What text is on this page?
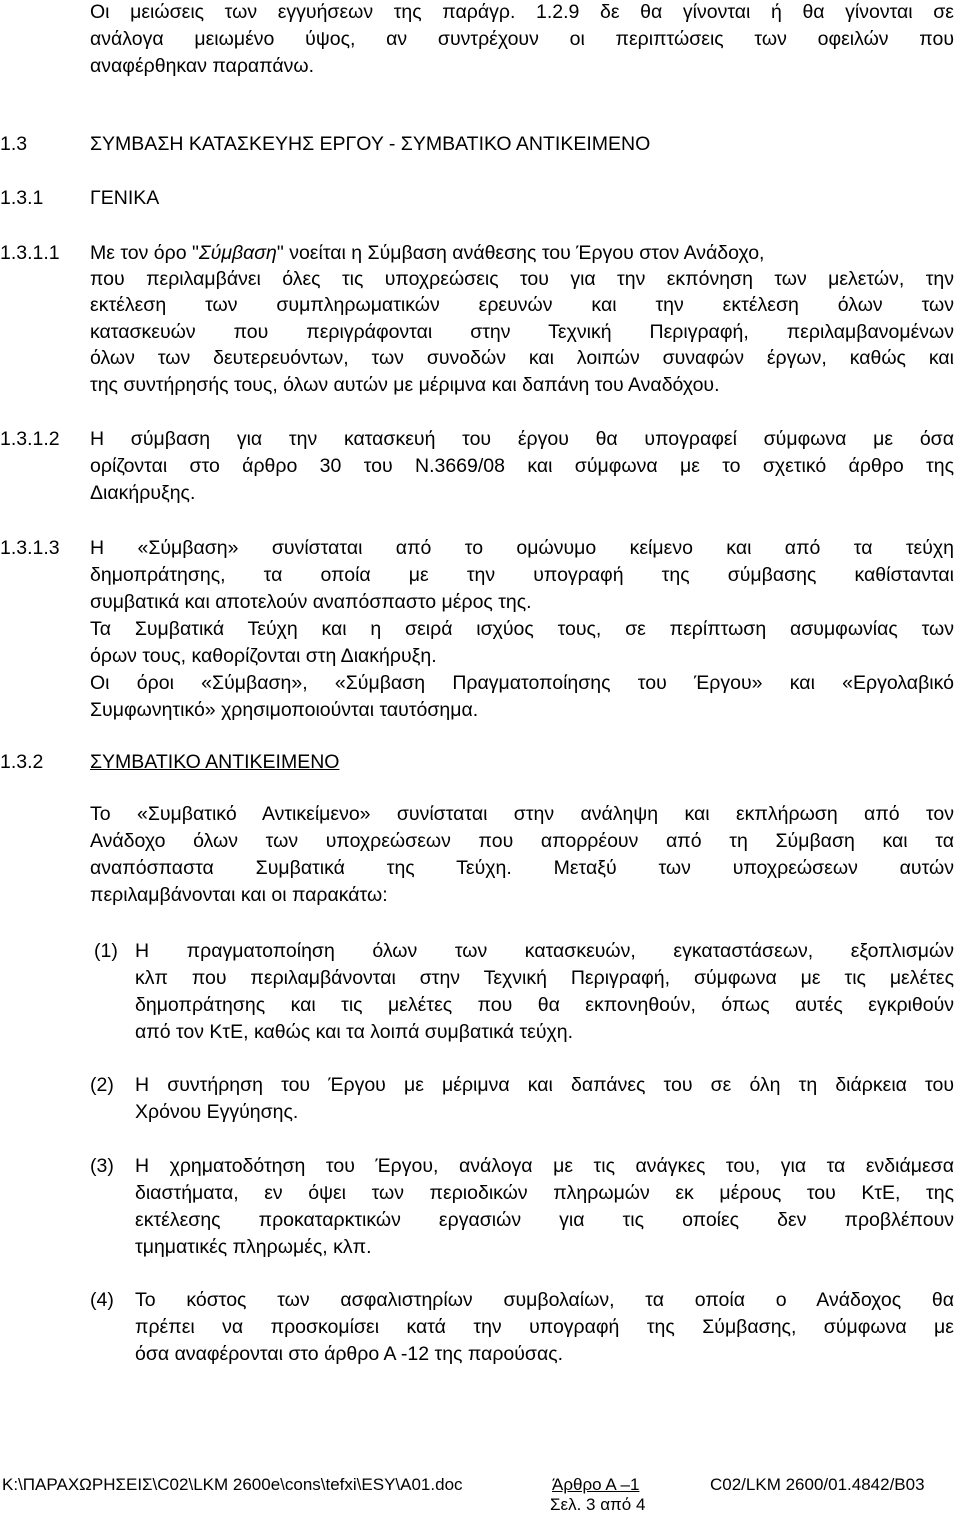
Οι μειώσεις των εγγυήσεων της παράγρ. 1.2.9 δε θα γίνονται ή θα γίνονται σε
ανάλογα μειωμένο ύψος, αν συντρέχουν οι περιπτώσεις των οφειλών που
αναφέρθηκαν παραπάνω.
1.3	ΣΥΜΒΑΣΗ ΚΑΤΑΣΚΕΥΗΣ ΕΡΓΟΥ - ΣΥΜΒΑΤΙΚΟ ΑΝΤΙΚΕΙΜΕΝΟ
1.3.1 ΓΕΝΙΚΑ
1.3.1.1 Με τον όρο "Σύμβαση" νοείται η Σύμβαση ανάθεσης του Έργου στον Ανάδοχο,
που περιλαμβάνει όλες τις υποχρεώσεις του για την εκπόνηση των μελετών, την
εκτέλεση των συμπληρωματικών ερευνών και την εκτέλεση όλων των
κατασκευών που περιγράφονται στην Τεχνική Περιγραφή, περιλαμβανομένων
όλων των δευτερευόντων, των συνοδών και λοιπών συναφών έργων, καθώς και
της συντήρησής τους, όλων αυτών με μέριμνα και δαπάνη του Αναδόχου.
1.3.1.2 Η σύμβαση για την κατασκευή του έργου θα υπογραφεί σύμφωνα με όσα
ορίζονται στο άρθρο 30 του Ν.3669/08 και σύμφωνα με το σχετικό άρθρο της
Διακήρυξης.
1.3.1.3 Η «Σύμβαση» συνίσταται από το ομώνυμο κείμενο και από τα τεύχη
δημοπράτησης, τα οποία με την υπογραφή της σύμβασης καθίστανται
συμβατικά και αποτελούν αναπόσπαστο μέρος της.
Τα Συμβατικά Τεύχη και η σειρά ισχύος τους, σε περίπτωση ασυμφωνίας των
όρων τους, καθορίζονται στη Διακήρυξη.
Οι όροι «Σύμβαση», «Σύμβαση Πραγματοποίησης του Έργου» και «Εργολαβικό
Συμφωνητικό» χρησιμοποιούνται ταυτόσημα.
1.3.2 ΣΥΜΒΑΤΙΚΟ ΑΝΤΙΚΕΙΜΕΝΟ
Το «Συμβατικό Αντικείμενο» συνίσταται στην ανάληψη και εκπλήρωση από τον
Ανάδοχο όλων των υποχρεώσεων που απορρέουν από τη Σύμβαση και τα
αναπόσπαστα Συμβατικά της Τεύχη. Μεταξύ των υποχρεώσεων αυτών
περιλαμβάνονται και οι παρακάτω:
(1) Η πραγματοποίηση όλων των κατασκευών, εγκαταστάσεων, εξοπλισμών
κλπ που περιλαμβάνονται στην Τεχνική Περιγραφή, σύμφωνα με τις μελέτες
δημοπράτησης και τις μελέτες που θα εκπονηθούν, όπως αυτές εγκριθούν
από τον ΚτΕ, καθώς και τα λοιπά συμβατικά τεύχη.
(2) Η συντήρηση του Έργου με μέριμνα και δαπάνες του σε όλη τη διάρκεια του
Χρόνου Εγγύησης.
(3) Η χρηματοδότηση του Έργου, ανάλογα με τις ανάγκες του, για τα ενδιάμεσα
διαστήματα, εν όψει των περιοδικών πληρωμών εκ μέρους του ΚτΕ, της
εκτέλεσης προκαταρκτικών εργασιών για τις οποίες δεν προβλέπουν
τμηματικές πληρωμές, κλπ.
(4) Το κόστος των ασφαλιστηρίων συμβολαίων, τα οποία ο Ανάδοχος θα
πρέπει να προσκομίσει κατά την υπογραφή της Σύμβασης, σύμφωνα με
όσα αναφέρονται στο άρθρο Α -12 της παρούσας.
K:\ΠΑΡΑΧΩΡΗΣΕΙΣ\C02\LKM 2600e\cons\tefxi\ESY\A01.doc	Άρθρο Α –1	C02/LKM 2600/01.4842/B03
Σελ. 3 από 4
